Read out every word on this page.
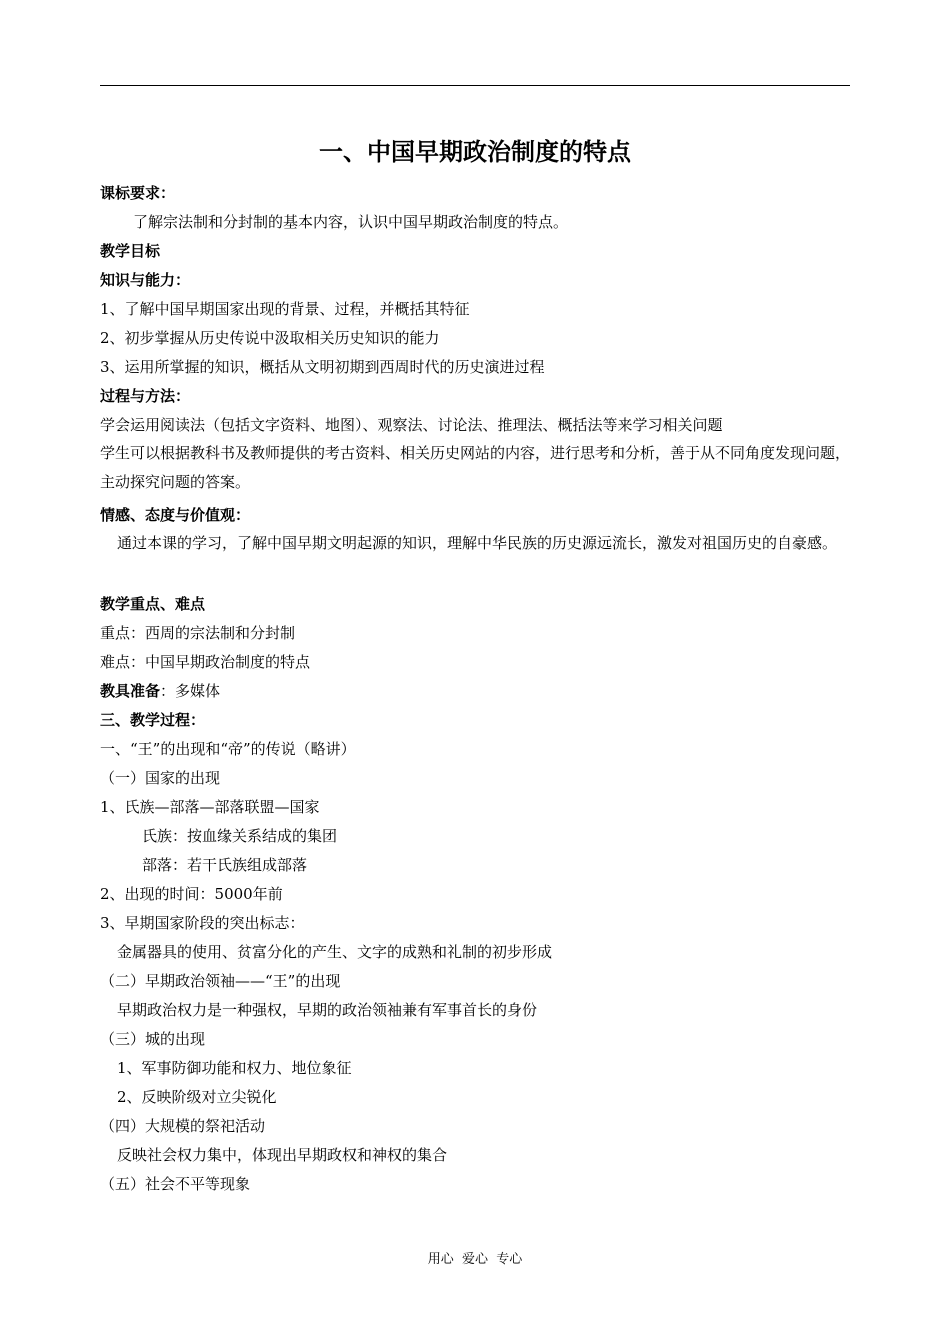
一、中国早期政治制度的特点
课标要求：
了解宗法制和分封制的基本内容，认识中国早期政治制度的特点。
教学目标
知识与能力：
1、了解中国早期国家出现的背景、过程，并概括其特征
2、初步掌握从历史传说中汲取相关历史知识的能力
3、运用所掌握的知识，概括从文明初期到西周时代的历史演进过程
过程与方法：
学会运用阅读法（包括文字资料、地图）、观察法、讨论法、推理法、概括法等来学习相关问题
学生可以根据教科书及教师提供的考古资料、相关历史网站的内容，进行思考和分析，善于从不同角度发现问题，主动探究问题的答案。
情感、态度与价值观：
通过本课的学习，了解中国早期文明起源的知识，理解中华民族的历史源远流长，激发对祖国历史的自豪感。
教学重点、难点
重点：西周的宗法制和分封制
难点：中国早期政治制度的特点
教具准备：多媒体
三、教学过程：
一、“王”的出现和“帝”的传说（略讲）
（一）国家的出现
1、氏族—部落—部落联盟—国家
氏族：按血缘关系结成的集团
部落：若干氏族组成部落
2、出现的时间：5000年前
3、早期国家阶段的突出标志：
金属器具的使用、贫富分化的产生、文字的成熟和礼制的初步形成
（二）早期政治领袖——“王”的出现
早期政治权力是一种强权，早期的政治领袖兼有军事首长的身份
（三）城的出现
1、军事防御功能和权力、地位象征
2、反映阶级对立尖锐化
（四）大规模的祭祀活动
反映社会权力集中，体现出早期政权和神权的集合
（五）社会不平等现象
用心  爱心  专心
